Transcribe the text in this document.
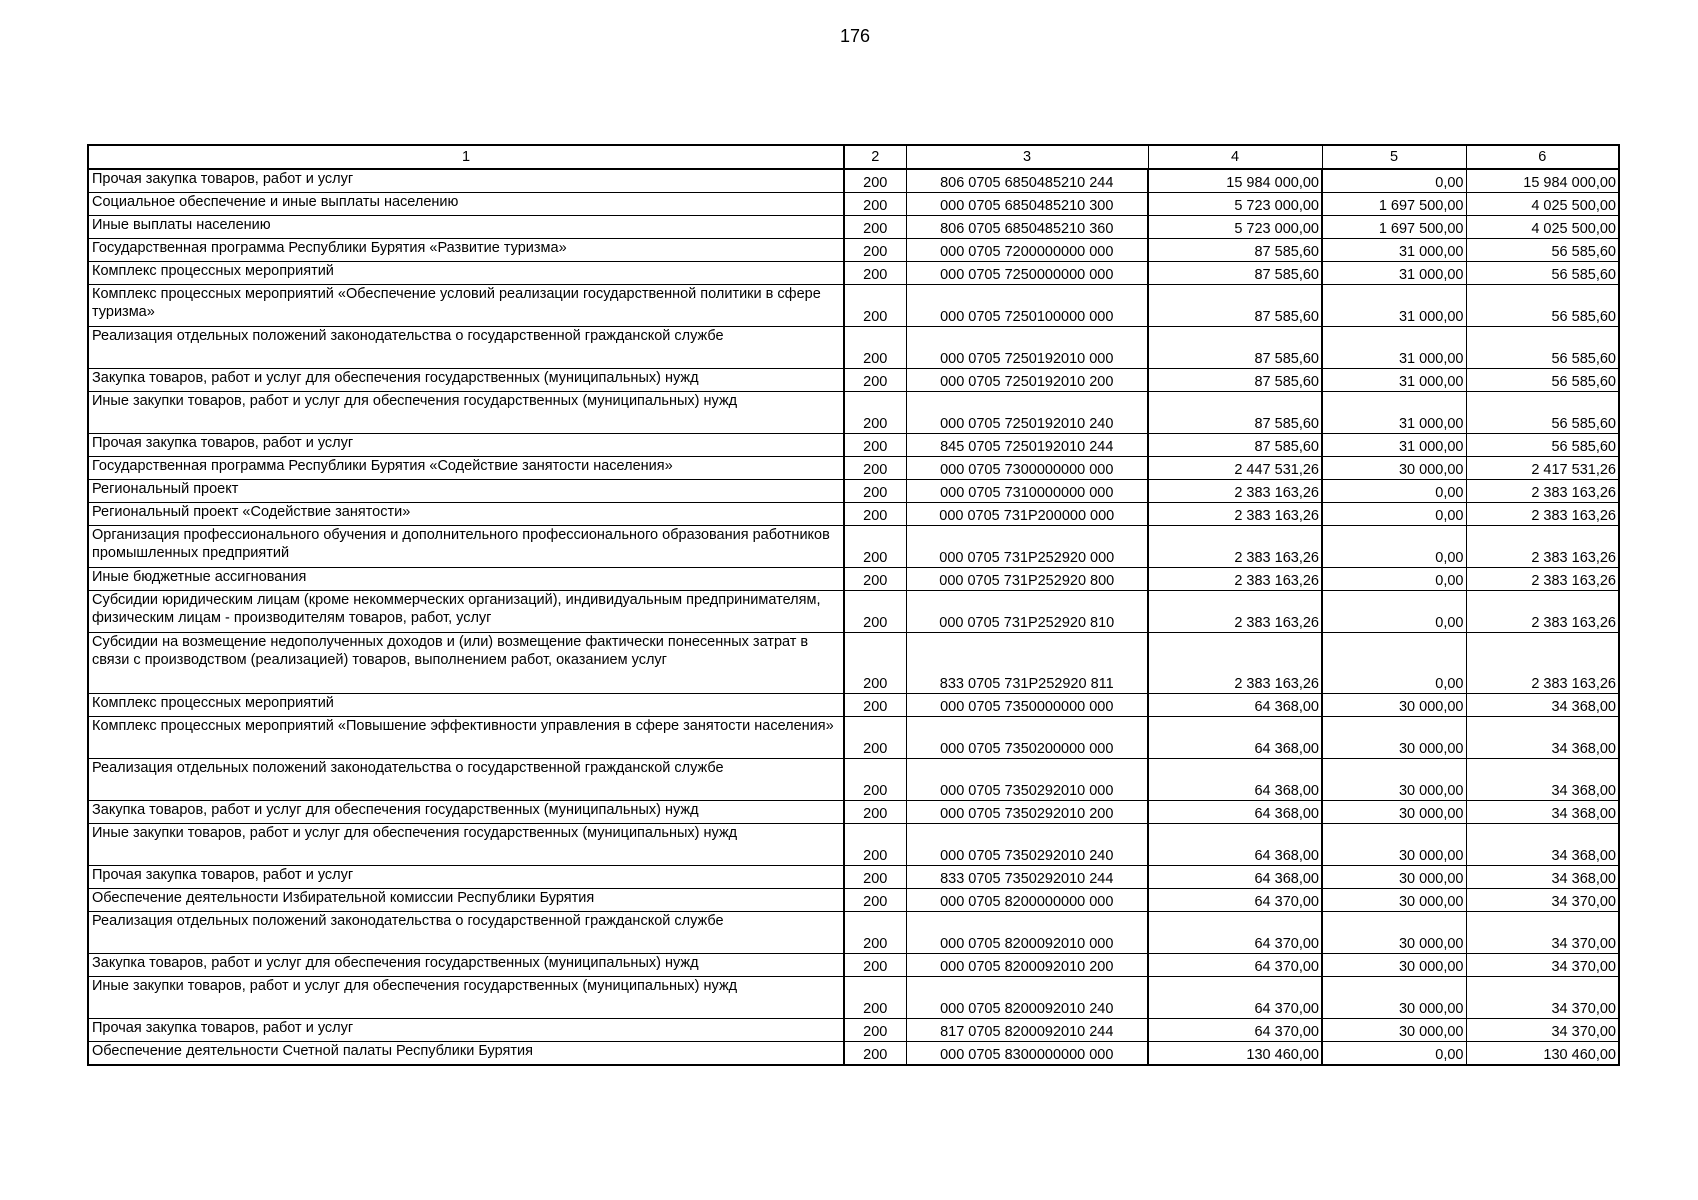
176
1	2	3	4	5	6
Прочая закупка товаров, работ и услуг	200	806 0705 6850485210 244	15 984 000,00	0,00	15 984 000,00
Социальное обеспечение и иные выплаты населению	200	000 0705 6850485210 300	5 723 000,00	1 697 500,00	4 025 500,00
Иные выплаты населению	200	806 0705 6850485210 360	5 723 000,00	1 697 500,00	4 025 500,00
Государственная программа Республики Бурятия «Развитие туризма»	200	000 0705 7200000000 000	87 585,60	31 000,00	56 585,60
Комплекс процессных мероприятий	200	000 0705 7250000000 000	87 585,60	31 000,00	56 585,60
Комплекс процессных мероприятий «Обеспечение условий реализации государственной политики в сфере туризма»	200	000 0705 7250100000 000	87 585,60	31 000,00	56 585,60
Реализация отдельных положений законодательства о государственной гражданской службе	200	000 0705 7250192010 000	87 585,60	31 000,00	56 585,60
Закупка товаров, работ и услуг для обеспечения государственных (муниципальных) нужд	200	000 0705 7250192010 200	87 585,60	31 000,00	56 585,60
Иные закупки товаров, работ и услуг для обеспечения государственных (муниципальных) нужд	200	000 0705 7250192010 240	87 585,60	31 000,00	56 585,60
Прочая закупка товаров, работ и услуг	200	845 0705 7250192010 244	87 585,60	31 000,00	56 585,60
Государственная программа Республики Бурятия «Содействие занятости населения»	200	000 0705 7300000000 000	2 447 531,26	30 000,00	2 417 531,26
Региональный проект	200	000 0705 7310000000 000	2 383 163,26	0,00	2 383 163,26
Региональный проект «Содействие занятости»	200	000 0705 731P200000 000	2 383 163,26	0,00	2 383 163,26
Организация профессионального обучения и дополнительного профессионального образования работников промышленных предприятий	200	000 0705 731P252920 000	2 383 163,26	0,00	2 383 163,26
Иные бюджетные ассигнования	200	000 0705 731P252920 800	2 383 163,26	0,00	2 383 163,26
Субсидии юридическим лицам (кроме некоммерческих организаций), индивидуальным предпринимателям, физическим лицам - производителям товаров, работ, услуг	200	000 0705 731P252920 810	2 383 163,26	0,00	2 383 163,26
Субсидии на возмещение недополученных доходов и (или) возмещение фактически понесенных затрат в связи с производством (реализацией) товаров, выполнением работ, оказанием услуг	200	833 0705 731P252920 811	2 383 163,26	0,00	2 383 163,26
Комплекс процессных мероприятий	200	000 0705 7350000000 000	64 368,00	30 000,00	34 368,00
Комплекс процессных мероприятий «Повышение эффективности управления в сфере занятости населения»	200	000 0705 7350200000 000	64 368,00	30 000,00	34 368,00
Реализация отдельных положений законодательства о государственной гражданской службе	200	000 0705 7350292010 000	64 368,00	30 000,00	34 368,00
Закупка товаров, работ и услуг для обеспечения государственных (муниципальных) нужд	200	000 0705 7350292010 200	64 368,00	30 000,00	34 368,00
Иные закупки товаров, работ и услуг для обеспечения государственных (муниципальных) нужд	200	000 0705 7350292010 240	64 368,00	30 000,00	34 368,00
Прочая закупка товаров, работ и услуг	200	833 0705 7350292010 244	64 368,00	30 000,00	34 368,00
Обеспечение деятельности Избирательной комиссии Республики Бурятия	200	000 0705 8200000000 000	64 370,00	30 000,00	34 370,00
Реализация отдельных положений законодательства о государственной гражданской службе	200	000 0705 8200092010 000	64 370,00	30 000,00	34 370,00
Закупка товаров, работ и услуг для обеспечения государственных (муниципальных) нужд	200	000 0705 8200092010 200	64 370,00	30 000,00	34 370,00
Иные закупки товаров, работ и услуг для обеспечения государственных (муниципальных) нужд	200	000 0705 8200092010 240	64 370,00	30 000,00	34 370,00
Прочая закупка товаров, работ и услуг	200	817 0705 8200092010 244	64 370,00	30 000,00	34 370,00
Обеспечение деятельности Счетной палаты Республики Бурятия	200	000 0705 8300000000 000	130 460,00	0,00	130 460,00
